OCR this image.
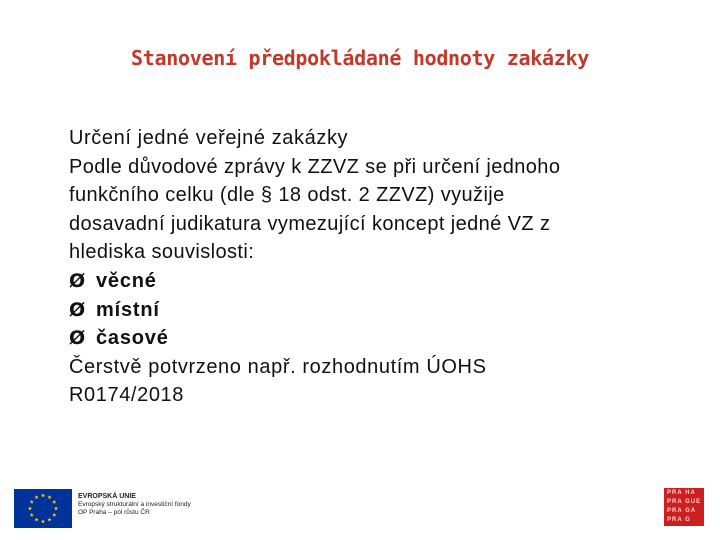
Stanovení předpokládané hodnoty zakázky
Určení jedné veřejné zakázky
Podle důvodové zprávy k ZZVZ se při určení jednoho
funkčního celku (dle § 18 odst. 2 ZZVZ) využije
dosavadní judikatura vymezující koncept jedné VZ z
hlediska souvislosti:
Ø věcné
Ø místní
Ø časové
Čerstvě potvrzeno např. rozhodnutím ÚOHS
R0174/2018
EVROPSKÁ UNIE
Evropský strukturální a investiční fondy
OP Praha – pól růstu ČR
PRA HA
PRA GUE
PRA GA
PRA G
